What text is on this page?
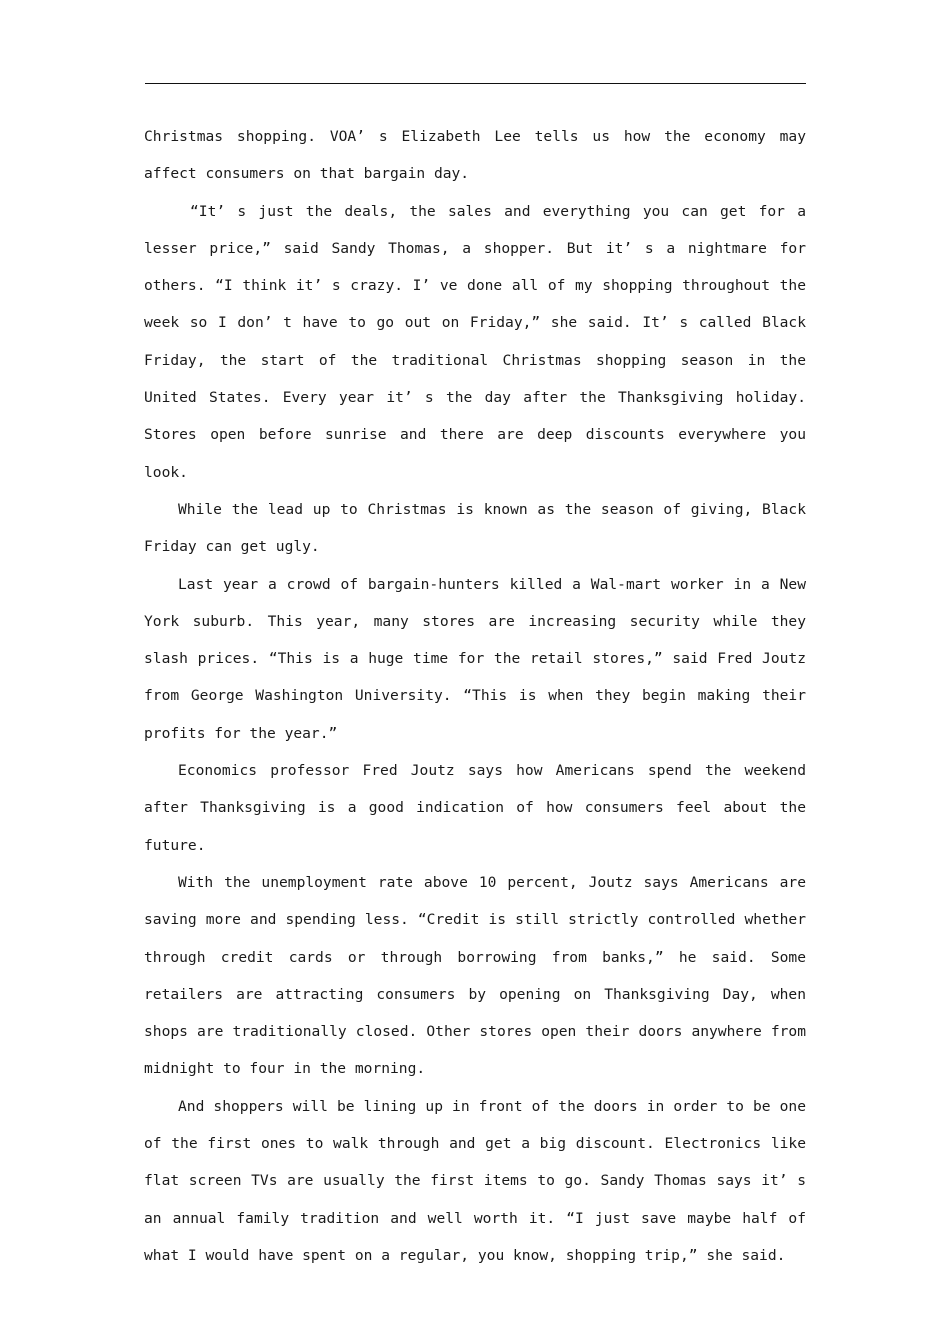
Christmas shopping. VOA’ s Elizabeth Lee tells us how the economy may affect consumers on that bargain day.

“It’ s just the deals, the sales and everything you can get for a lesser price,” said Sandy Thomas, a shopper. But it’ s a nightmare for others. “I think it’ s crazy. I’ ve done all of my shopping throughout the week so I don’ t have to go out on Friday,” she said. It’ s called Black Friday, the start of the traditional Christmas shopping season in the United States. Every year it’ s the day after the Thanksgiving holiday. Stores open before sunrise and there are deep discounts everywhere you look.

While the lead up to Christmas is known as the season of giving, Black Friday can get ugly.

Last year a crowd of bargain-hunters killed a Wal-mart worker in a New York suburb. This year, many stores are increasing security while they slash prices. “This is a huge time for the retail stores,” said Fred Joutz from George Washington University. “This is when they begin making their profits for the year.”

Economics professor Fred Joutz says how Americans spend the weekend after Thanksgiving is a good indication of how consumers feel about the future.

With the unemployment rate above 10 percent, Joutz says Americans are saving more and spending less. “Credit is still strictly controlled whether through credit cards or through borrowing from banks,” he said. Some retailers are attracting consumers by opening on Thanksgiving Day, when shops are traditionally closed. Other stores open their doors anywhere from midnight to four in the morning.

And shoppers will be lining up in front of the doors in order to be one of the first ones to walk through and get a big discount. Electronics like flat screen TVs are usually the first items to go. Sandy Thomas says it’ s an annual family tradition and well worth it. “I just save maybe half of what I would have spent on a regular, you know, shopping trip,” she said.
